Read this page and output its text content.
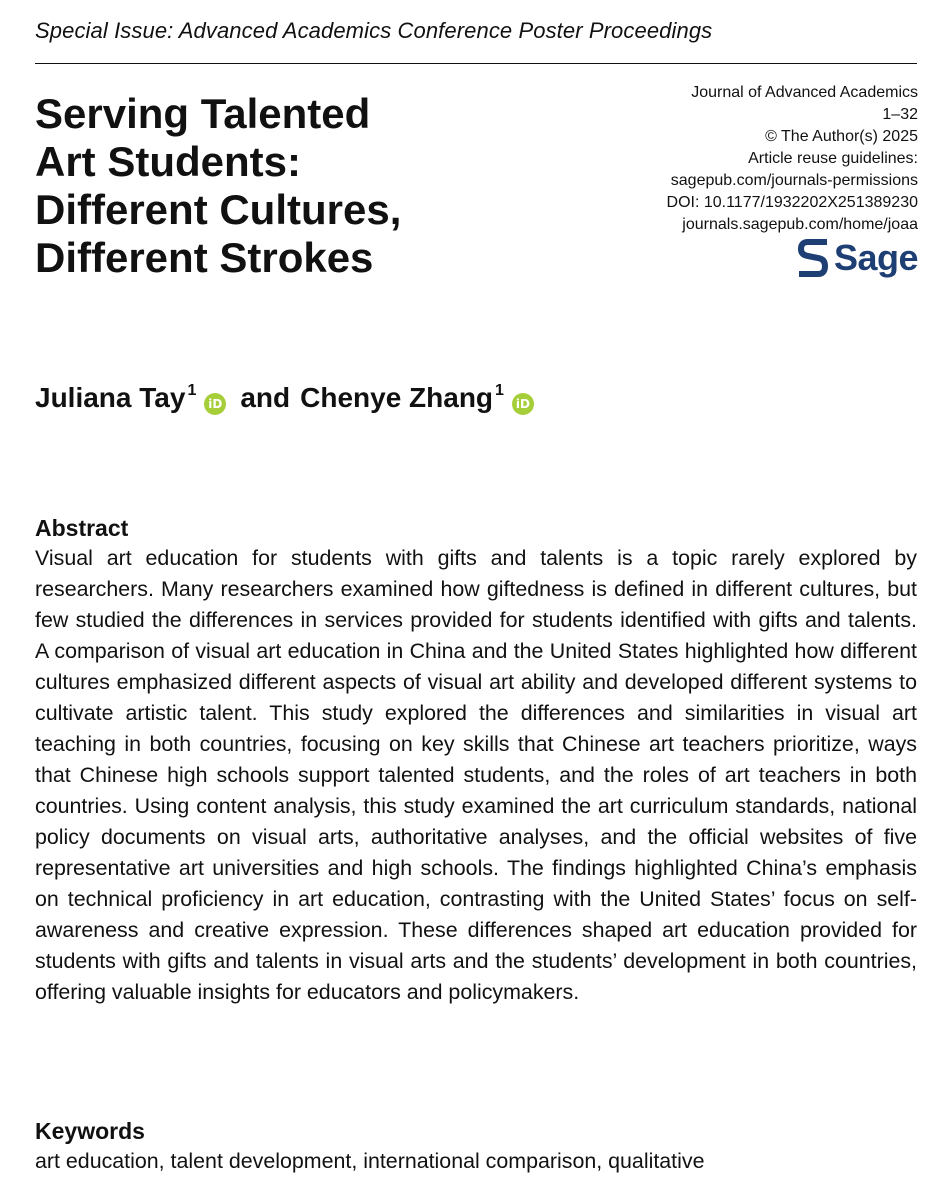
Special Issue: Advanced Academics Conference Poster Proceedings
Serving Talented
Art Students:
Different Cultures,
Different Strokes
Journal of Advanced Academics
1–32
© The Author(s) 2025
Article reuse guidelines:
sagepub.com/journals-permissions
DOI: 10.1177/1932202X251389230
journals.sagepub.com/home/joaa
Sage
Juliana Tay$^1$
iD and Chenye Zhang$^1$
iD
Abstract

Visual art education for students with gifts and talents is a topic rarely explored by researchers. Many researchers examined how giftedness is defined in different cultures, but few studied the differences in services provided for students identified with gifts and talents. A comparison of visual art education in China and the United States highlighted how different cultures emphasized different aspects of visual art ability and developed different systems to cultivate artistic talent. This study explored the differences and similarities in visual art teaching in both countries, focusing on key skills that Chinese art teachers prioritize, ways that Chinese high schools support talented students, and the roles of art teachers in both countries. Using content analysis, this study examined the art curriculum standards, national policy documents on visual arts, authoritative analyses, and the official websites of five representative art universities and high schools. The findings highlighted China’s emphasis on technical proficiency in art education, contrasting with the United States’ focus on self-awareness and creative expression. These differences shaped art education provided for students with gifts and talents in visual arts and the students’ development in both countries, offering valuable insights for educators and policymakers.

Keywords

art education, talent development, international comparison, qualitative
